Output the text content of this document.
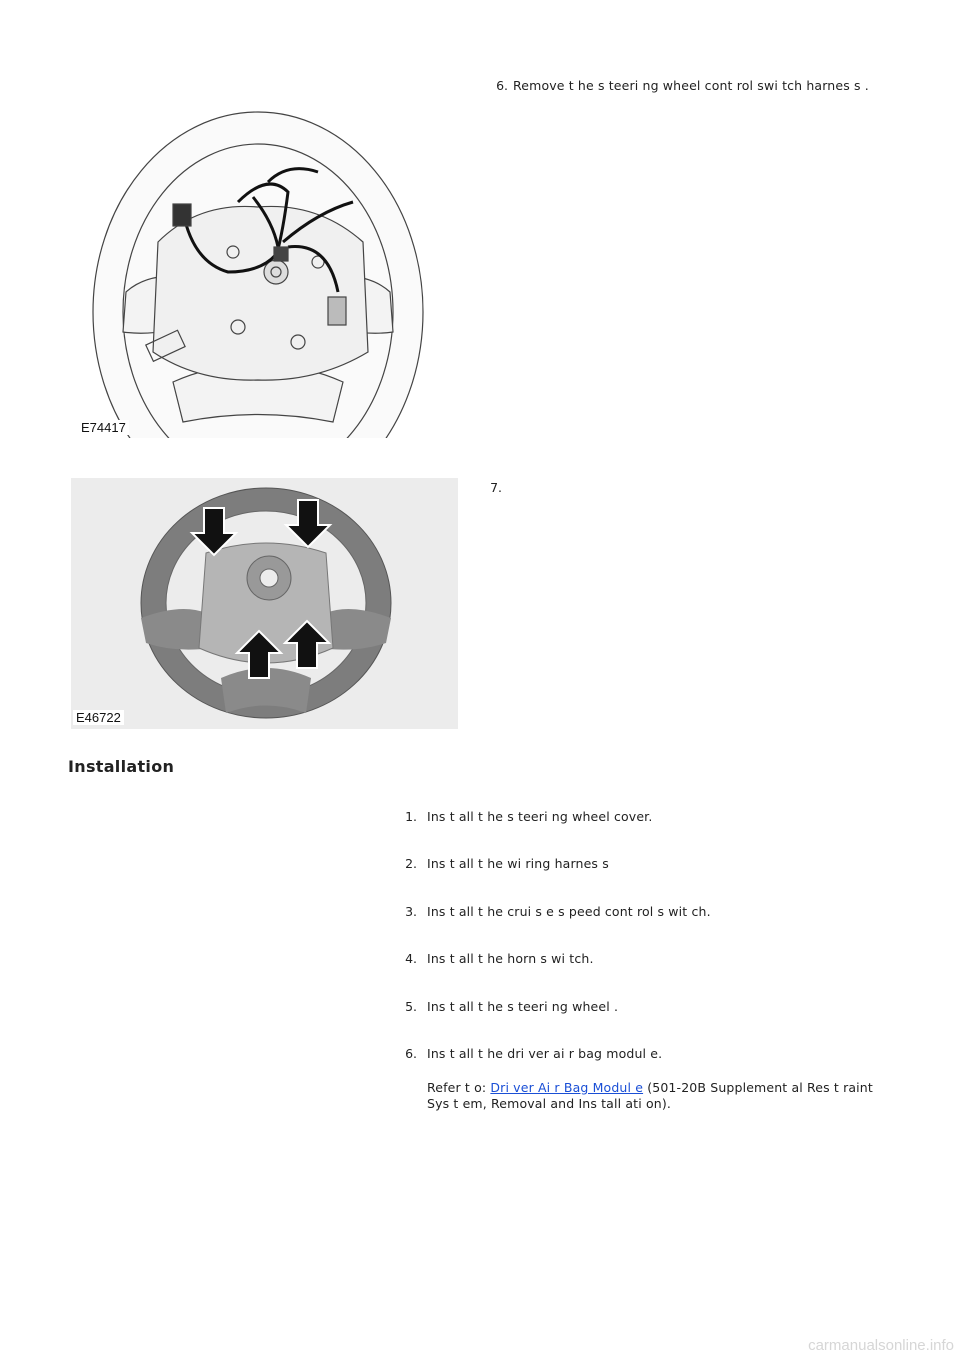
6. Remove t he s teeri ng wheel cont rol swi tch harnes s .
E74417
7.
E46722
Installation
1. Ins t all t he s teeri ng wheel cover.
2. Ins t all t he wi ring harnes s
3. Ins t all t he crui s e s peed cont rol s wit ch.
4. Ins t all t he horn s wi tch.
5. Ins t all t he s teeri ng wheel .
6. Ins t all t he dri ver ai r bag modul e.
Refer t o: Dri ver Ai r Bag Modul e (501-20B Supplement al Res t raint
Sys t em, Removal and Ins tall ati on).
carmanualsonline.info
